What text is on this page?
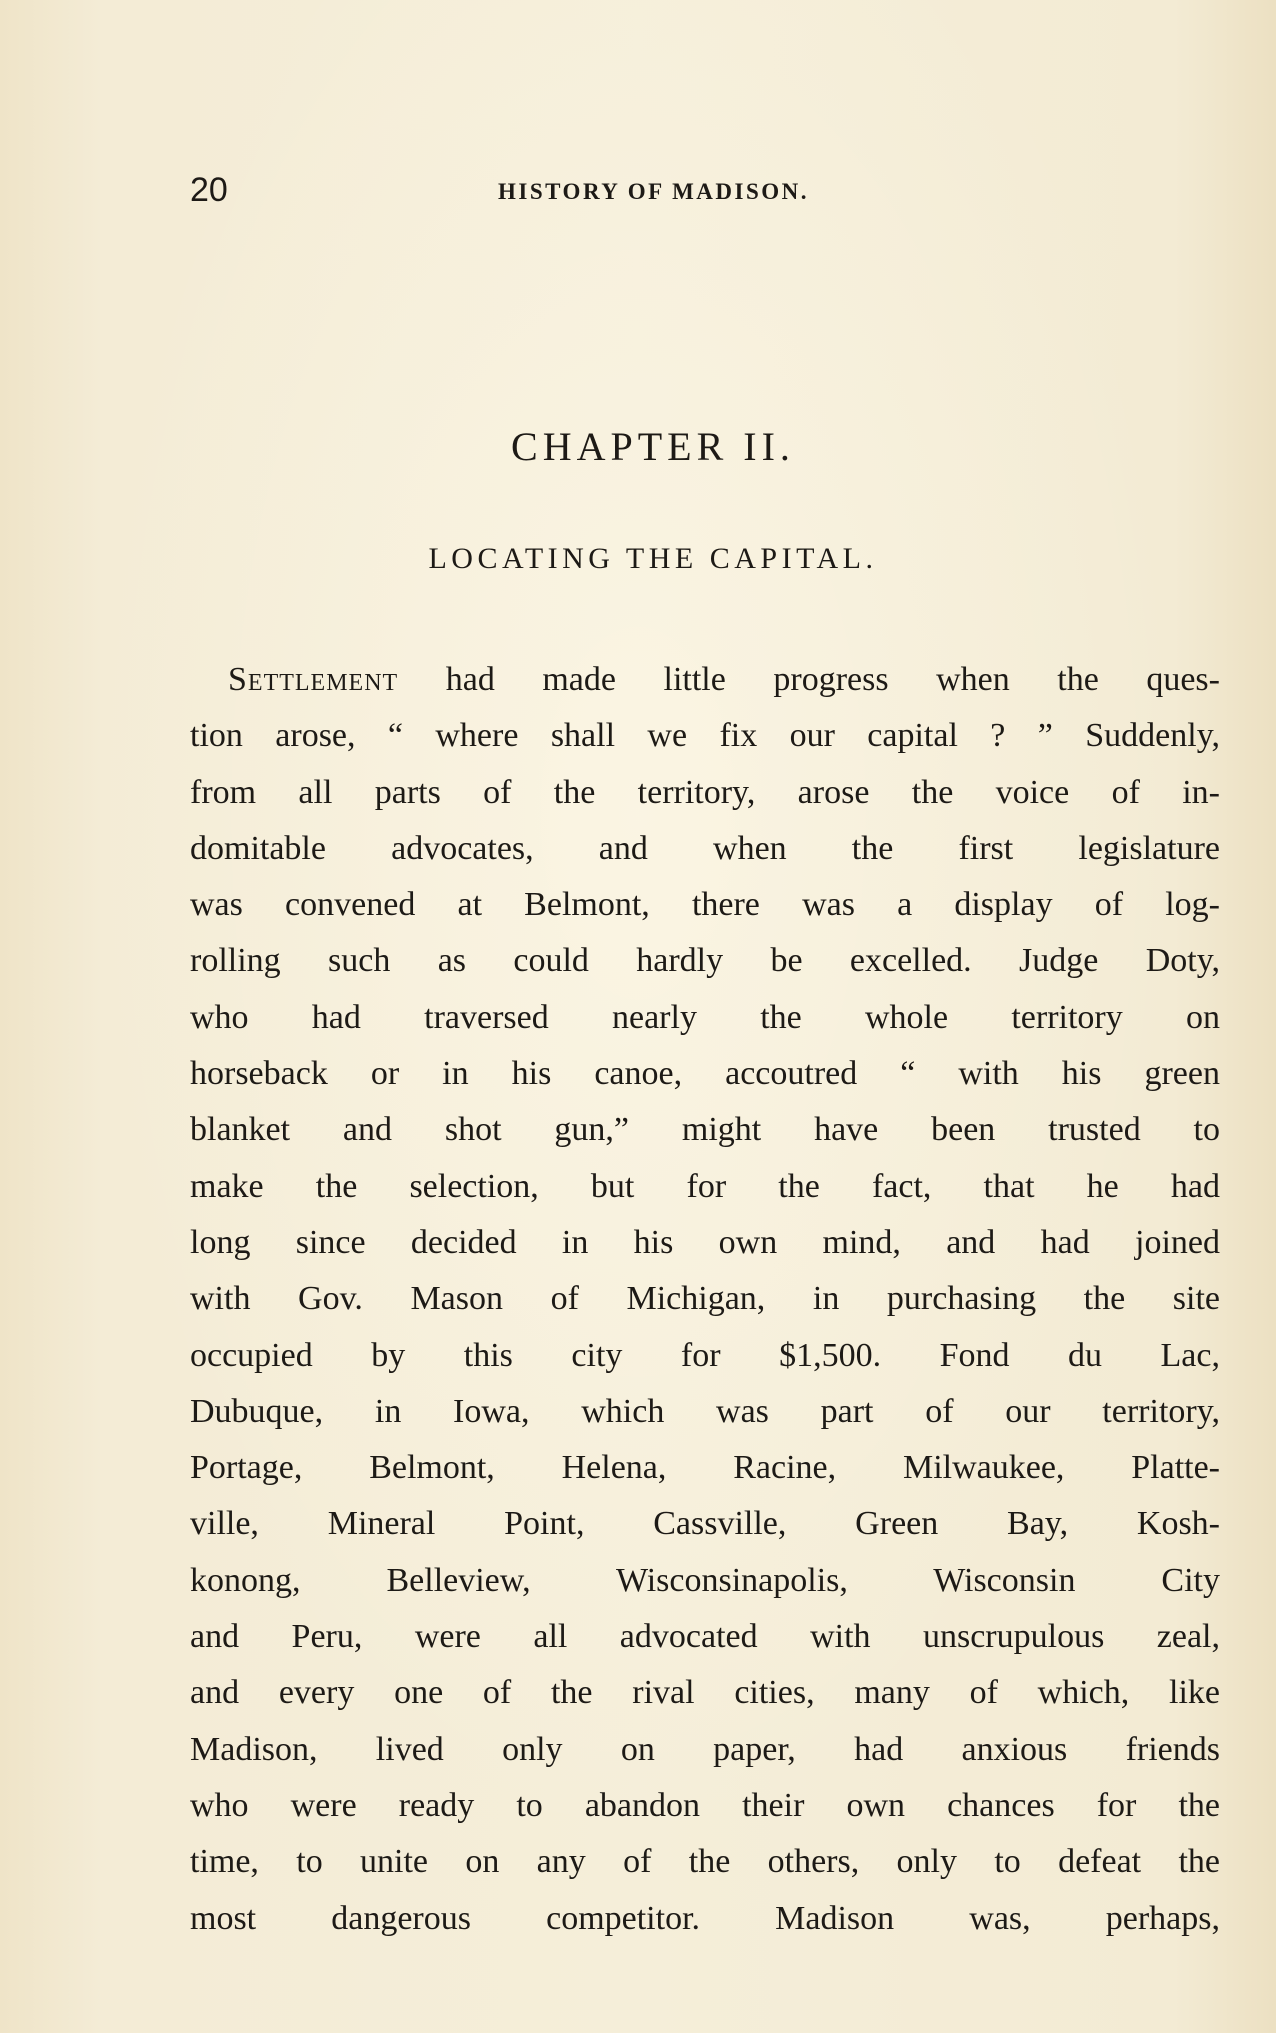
20	HISTORY OF MADISON.
CHAPTER II.
LOCATING THE CAPITAL.
Settlement had made little progress when the ques-
tion arose, “ where shall we fix our capital ? ” Suddenly,
from all parts of the territory, arose the voice of in-
domitable advocates, and when the first legislature
was convened at Belmont, there was a display of log-
rolling such as could hardly be excelled. Judge Doty,
who had traversed nearly the whole territory on
horseback or in his canoe, accoutred “ with his green
blanket and shot gun,” might have been trusted to
make the selection, but for the fact, that he had
long since decided in his own mind, and had joined
with Gov. Mason of Michigan, in purchasing the site
occupied by this city for $1,500. Fond du Lac,
Dubuque, in Iowa, which was part of our territory,
Portage, Belmont, Helena, Racine, Milwaukee, Platte-
ville, Mineral Point, Cassville, Green Bay, Kosh-
konong, Belleview, Wisconsinapolis, Wisconsin City
and Peru, were all advocated with unscrupulous zeal,
and every one of the rival cities, many of which, like
Madison, lived only on paper, had anxious friends
who were ready to abandon their own chances for the
time, to unite on any of the others, only to defeat the
most dangerous competitor. Madison was, perhaps,
